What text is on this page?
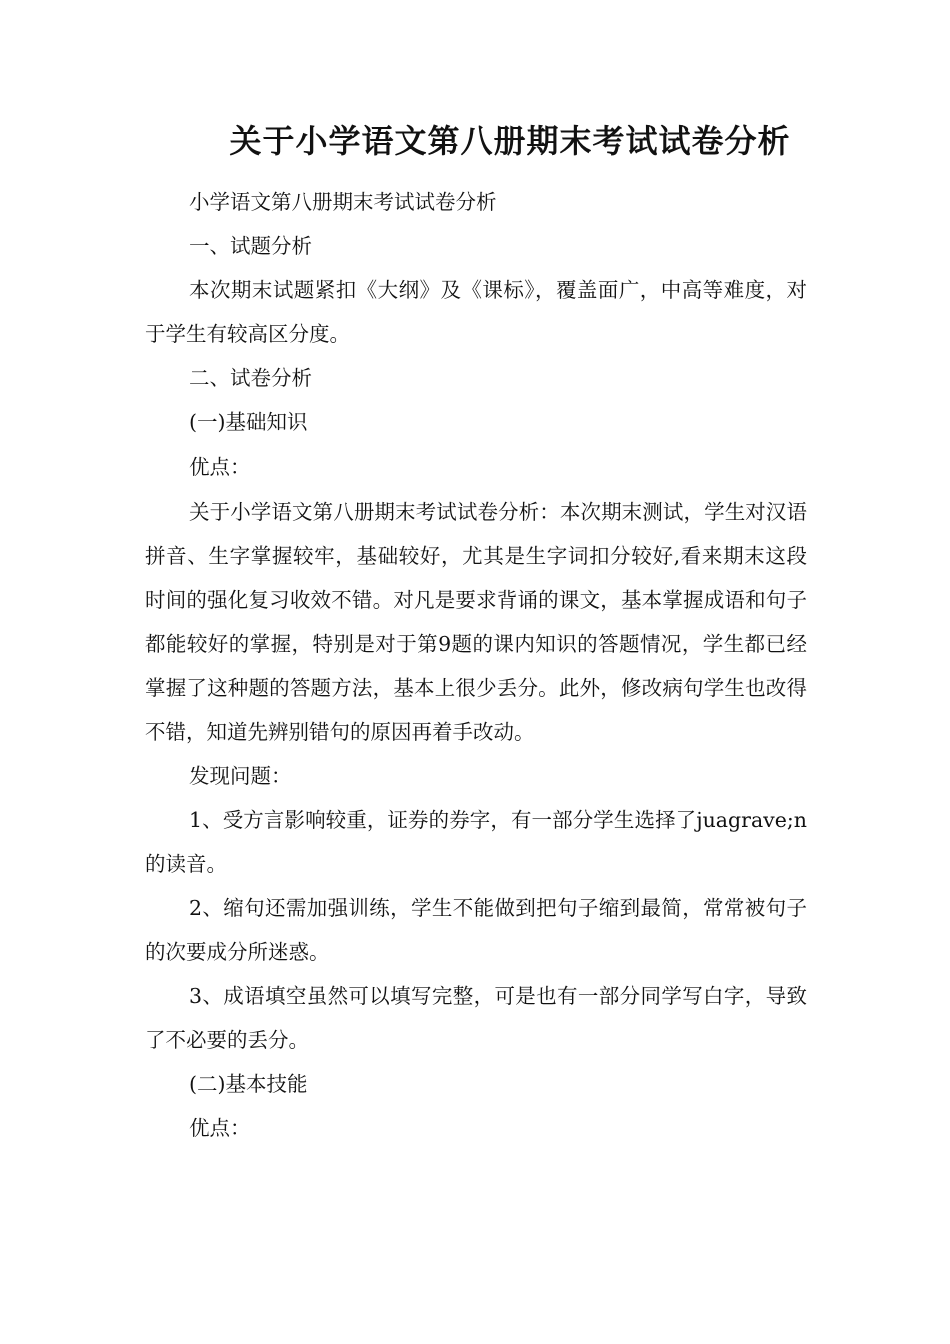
关于小学语文第八册期末考试试卷分析

小学语文第八册期末考试试卷分析

一、试题分析

本次期末试题紧扣《大纲》及《课标》，覆盖面广，中高等难度，对于学生有较高区分度。

二、试卷分析

(一)基础知识

优点：

关于小学语文第八册期末考试试卷分析：本次期末测试，学生对汉语拼音、生字掌握较牢，基础较好，尤其是生字词扣分较好,看来期末这段时间的强化复习收效不错。对凡是要求背诵的课文，基本掌握成语和句子都能较好的掌握，特别是对于第9题的课内知识的答题情况，学生都已经掌握了这种题的答题方法，基本上很少丢分。此外，修改病句学生也改得不错，知道先辨别错句的原因再着手改动。

发现问题：

1、受方言影响较重，证券的券字，有一部分学生选择了juagrave;n的读音。

2、缩句还需加强训练，学生不能做到把句子缩到最简，常常被句子的次要成分所迷惑。

3、成语填空虽然可以填写完整，可是也有一部分同学写白字，导致了不必要的丢分。

(二)基本技能

优点：
